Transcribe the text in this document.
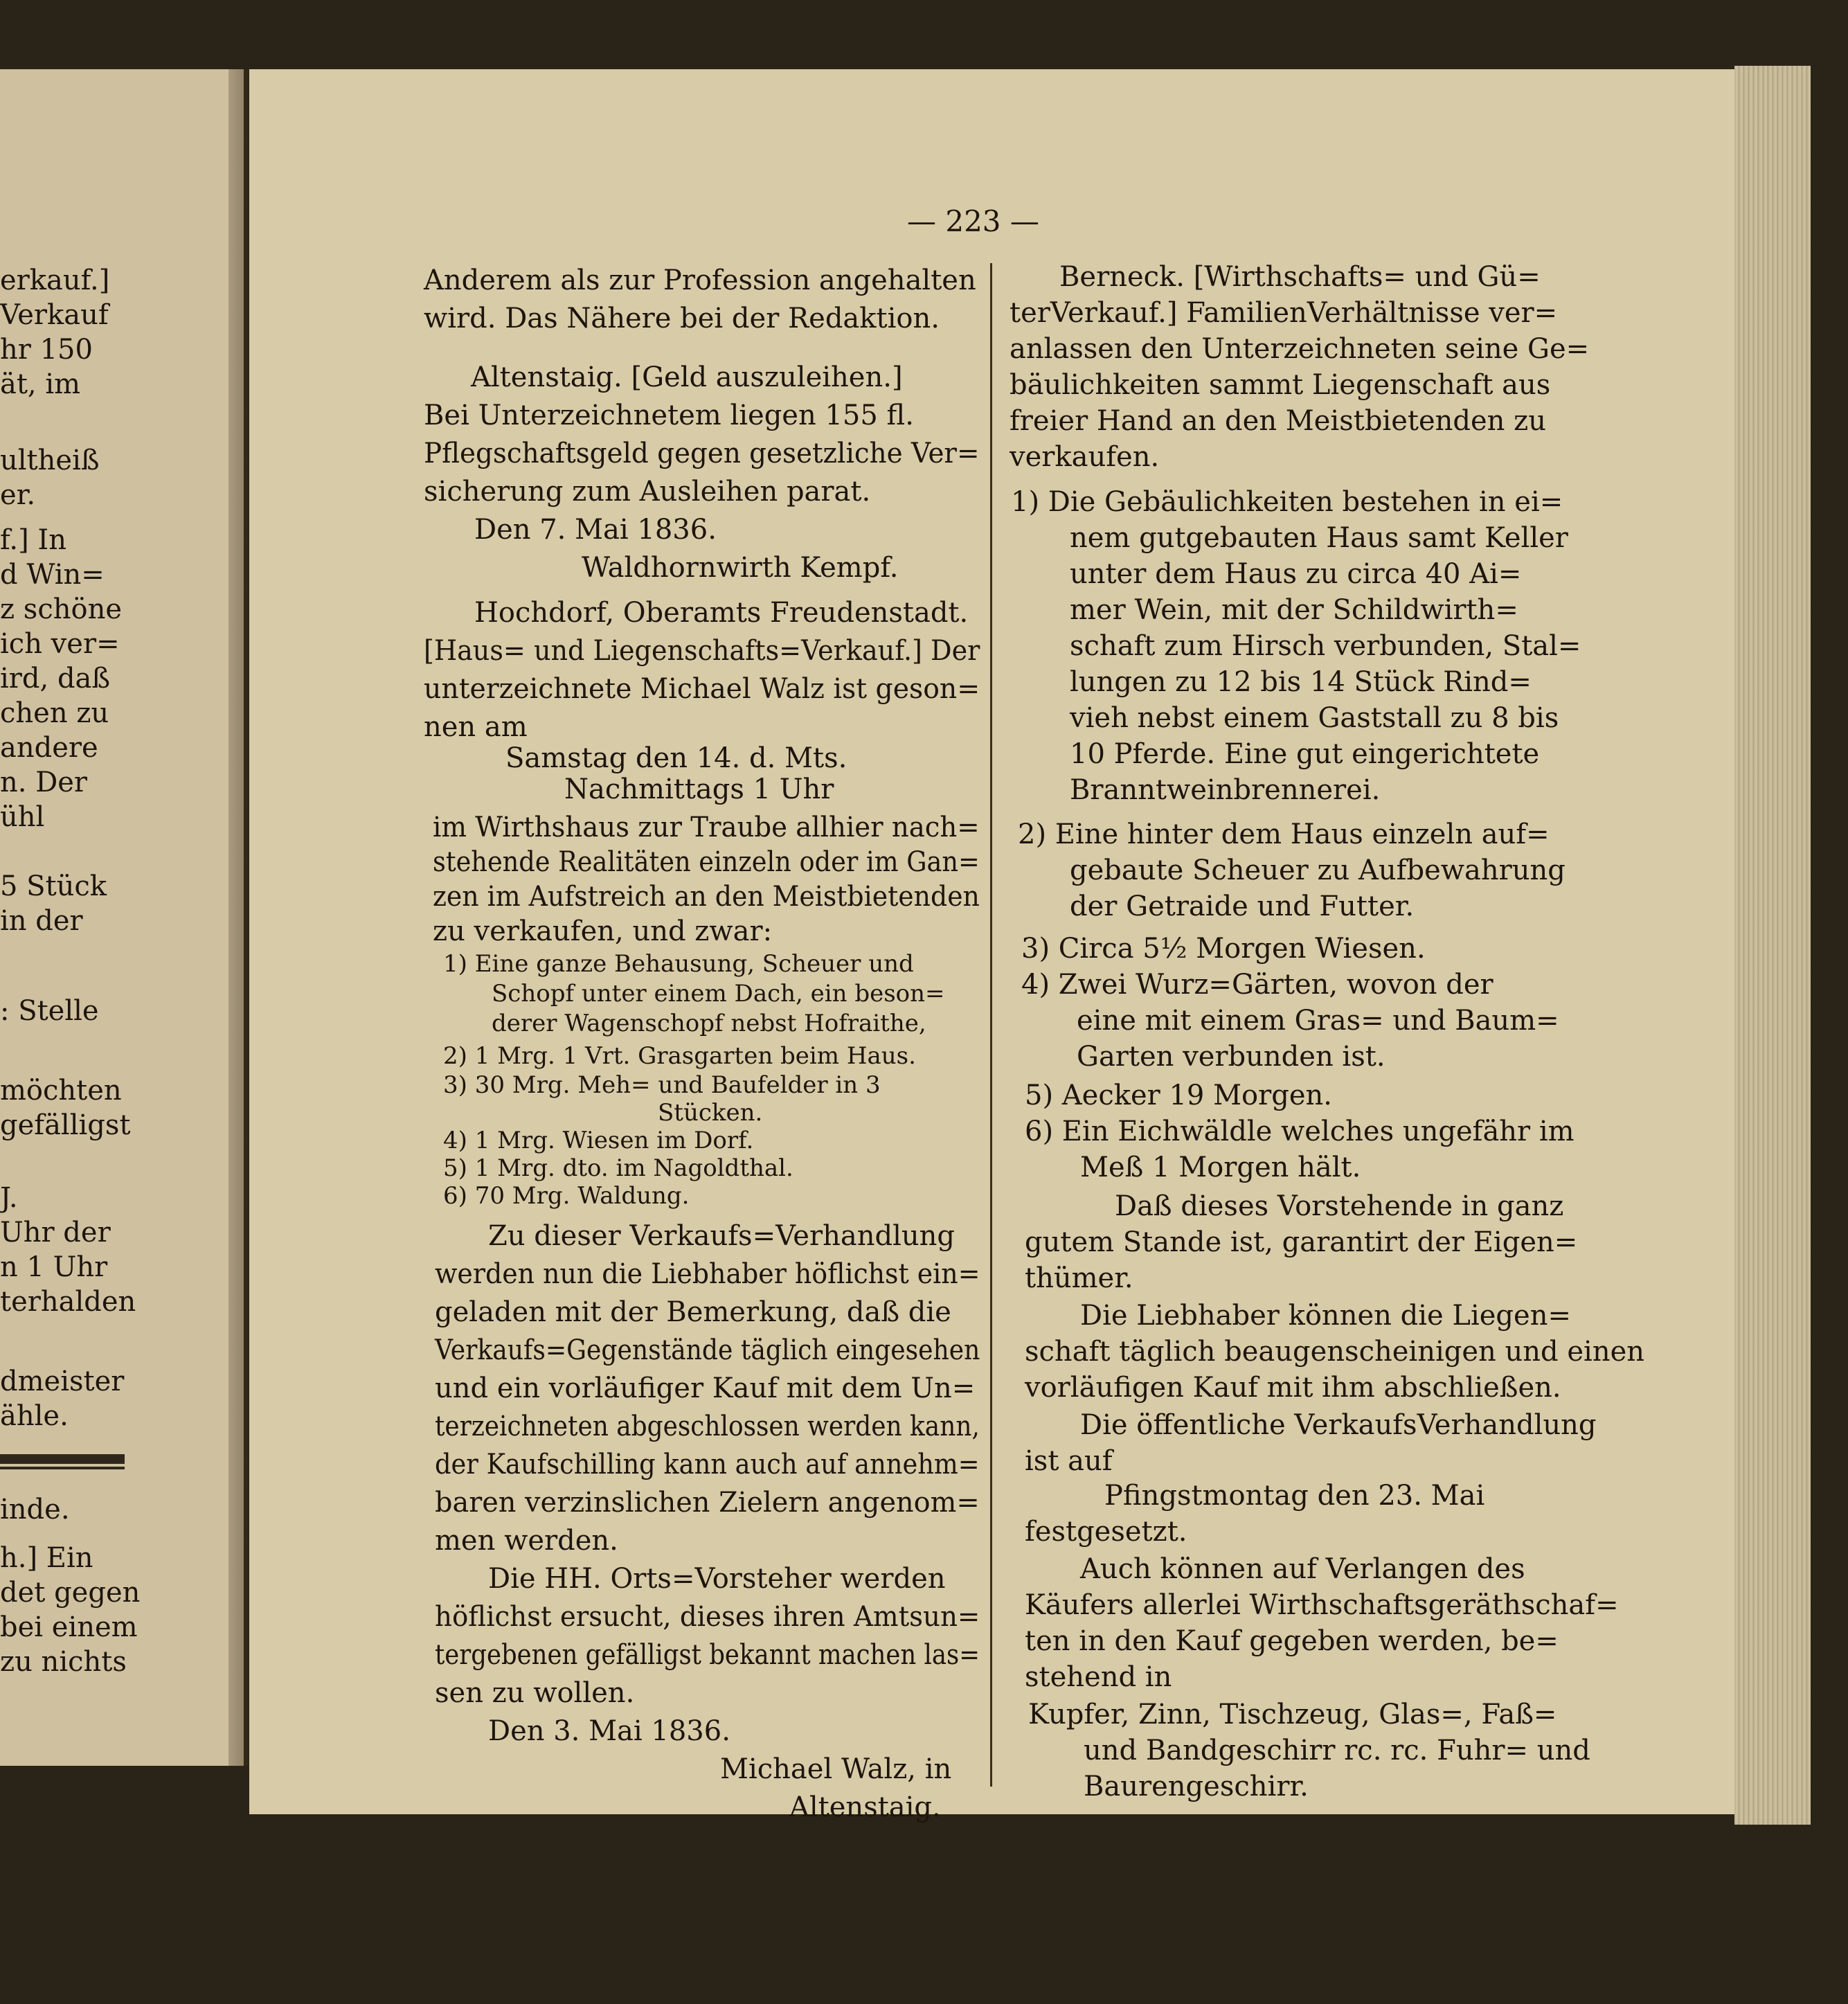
erkauf.]
Verkauf
hr 150
ät, im
ultheiß
er.
f.] In
d Win=
z schöne
ich ver=
ird, daß
chen zu
andere
n. Der
ühl
5 Stück
in der
: Stelle
möchten
gefälligst
J.
Uhr der
n 1 Uhr
terhalden
dmeister
ähle.
inde.
h.] Ein
det gegen
bei einem
zu nichts
— 223 —
Anderem als zur Profession angehalten
wird. Das Nähere bei der Redaktion.
Altenstaig. [Geld auszuleihen.]
Bei Unterzeichnetem liegen 155 fl.
Pflegschaftsgeld gegen gesetzliche Ver=
sicherung zum Ausleihen parat.
Den 7. Mai 1836.
Waldhornwirth Kempf.
Hochdorf, Oberamts Freudenstadt.
[Haus= und Liegenschafts=Verkauf.] Der
unterzeichnete Michael Walz ist geson=
nen am
Samstag den 14. d. Mts.
Nachmittags 1 Uhr
im Wirthshaus zur Traube allhier nach=
stehende Realitäten einzeln oder im Gan=
zen im Aufstreich an den Meistbietenden
zu verkaufen, und zwar:
1) Eine ganze Behausung, Scheuer und
Schopf unter einem Dach, ein beson=
derer Wagenschopf nebst Hofraithe,
2) 1 Mrg. 1 Vrt. Grasgarten beim Haus.
3) 30 Mrg. Meh= und Baufelder in 3
Stücken.
4) 1 Mrg. Wiesen im Dorf.
5) 1 Mrg. dto. im Nagoldthal.
6) 70 Mrg. Waldung.
Zu dieser Verkaufs=Verhandlung
werden nun die Liebhaber höflichst ein=
geladen mit der Bemerkung, daß die
Verkaufs=Gegenstände täglich eingesehen
und ein vorläufiger Kauf mit dem Un=
terzeichneten abgeschlossen werden kann,
der Kaufschilling kann auch auf annehm=
baren verzinslichen Zielern angenom=
men werden.
Die HH. Orts=Vorsteher werden
höflichst ersucht, dieses ihren Amtsun=
tergebenen gefälligst bekannt machen las=
sen zu wollen.
Den 3. Mai 1836.
Michael Walz, in
Altenstaig.
Berneck. [Wirthschafts= und Gü=
terVerkauf.] FamilienVerhältnisse ver=
anlassen den Unterzeichneten seine Ge=
bäulichkeiten sammt Liegenschaft aus
freier Hand an den Meistbietenden zu
verkaufen.
1) Die Gebäulichkeiten bestehen in ei=
nem gutgebauten Haus samt Keller
unter dem Haus zu circa 40 Ai=
mer Wein, mit der Schildwirth=
schaft zum Hirsch verbunden, Stal=
lungen zu 12 bis 14 Stück Rind=
vieh nebst einem Gaststall zu 8 bis
10 Pferde. Eine gut eingerichtete
Branntweinbrennerei.
2) Eine hinter dem Haus einzeln auf=
gebaute Scheuer zu Aufbewahrung
der Getraide und Futter.
3) Circa 5½ Morgen Wiesen.
4) Zwei Wurz=Gärten, wovon der
eine mit einem Gras= und Baum=
Garten verbunden ist.
5) Aecker 19 Morgen.
6) Ein Eichwäldle welches ungefähr im
Meß 1 Morgen hält.
Daß dieses Vorstehende in ganz
gutem Stande ist, garantirt der Eigen=
thümer.
Die Liebhaber können die Liegen=
schaft täglich beaugenscheinigen und einen
vorläufigen Kauf mit ihm abschließen.
Die öffentliche VerkaufsVerhandlung
ist auf
Pfingstmontag den 23. Mai
festgesetzt.
Auch können auf Verlangen des
Käufers allerlei Wirthschaftsgeräthschaf=
ten in den Kauf gegeben werden, be=
stehend in
Kupfer, Zinn, Tischzeug, Glas=, Faß=
und Bandgeschirr rc. rc. Fuhr= und
Baurengeschirr.
